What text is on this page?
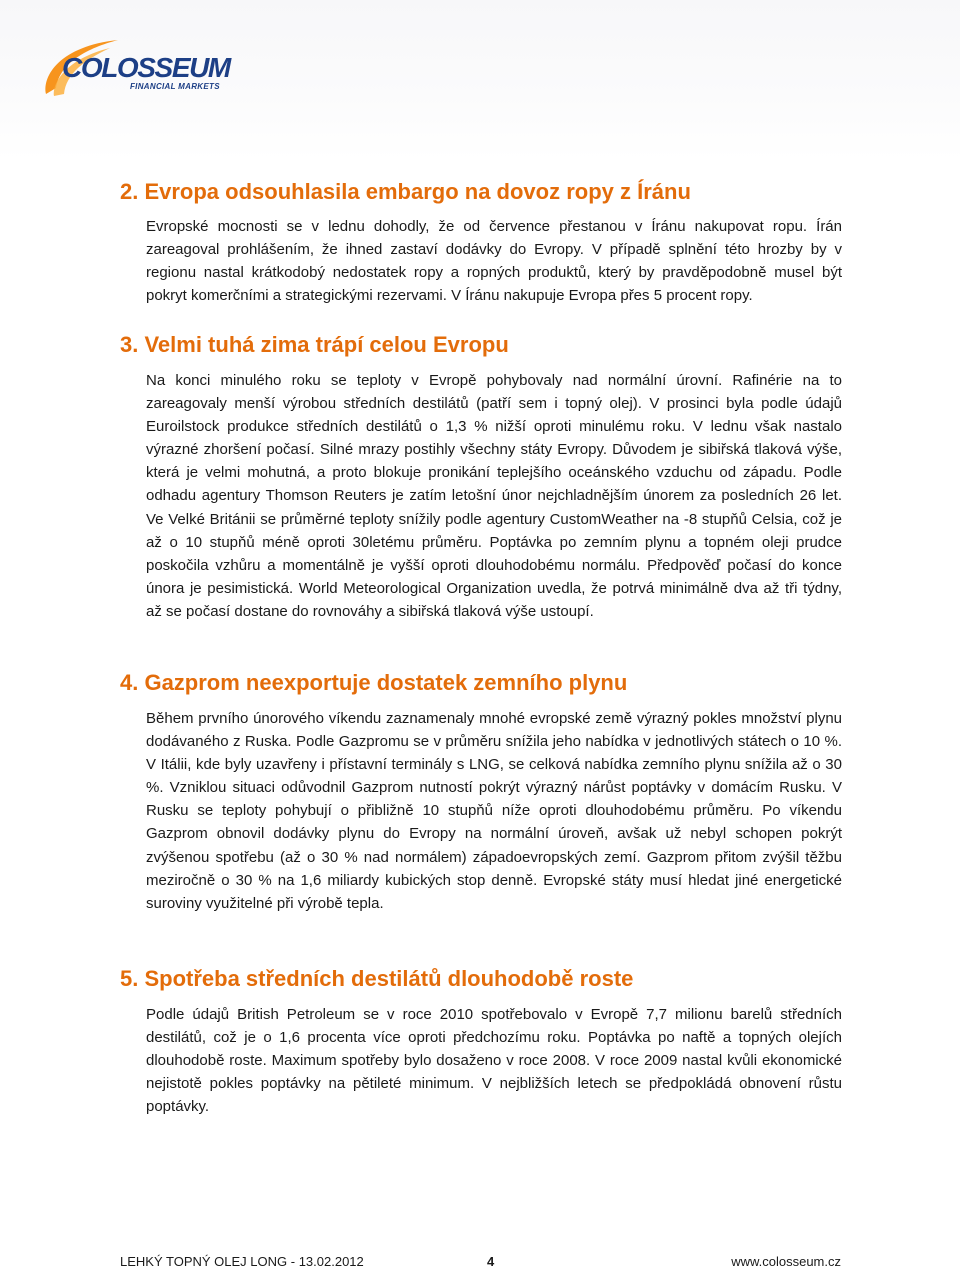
COLOSSEUM
FINANCIAL MARKETS
2. Evropa odsouhlasila embargo na dovoz ropy z Íránu

Evropské mocnosti se v lednu dohodly, že od července přestanou v Íránu nakupovat ropu. Írán zareagoval prohlášením, že ihned zastaví dodávky do Evropy. V případě splnění této hrozby by v regionu nastal krátkodobý nedostatek ropy a ropných produktů, který by pravděpodobně musel být pokryt komerčními a strategickými rezervami. V Íránu nakupuje Evropa přes 5 procent ropy.

3. Velmi tuhá zima trápí celou Evropu

Na konci minulého roku se teploty v Evropě pohybovaly nad normální úrovní. Rafinérie na to zareagovaly menší výrobou středních destilátů (patří sem i topný olej). V prosinci byla podle údajů Euroilstock produkce středních destilátů o 1,3 % nižší oproti minulému roku. V lednu však nastalo výrazné zhoršení počasí. Silné mrazy postihly všechny státy Evropy. Důvodem je sibiřská tlaková výše, která je velmi mohutná, a proto blokuje pronikání teplejšího oceánského vzduchu od západu. Podle odhadu agentury Thomson Reuters je zatím letošní únor nejchladnějším únorem za posledních 26 let. Ve Velké Británii se průměrné teploty snížily podle agentury CustomWeather na -8 stupňů Celsia, což je až o 10 stupňů méně oproti 30letému průměru. Poptávka po zemním plynu a topném oleji prudce poskočila vzhůru a momentálně je vyšší oproti dlouhodobému normálu. Předpověď počasí do konce února je pesimistická. World Meteorological Organization uvedla, že potrvá minimálně dva až tři týdny, až se počasí dostane do rovnováhy a sibiřská tlaková výše ustoupí.

4. Gazprom neexportuje dostatek zemního plynu

Během prvního únorového víkendu zaznamenaly mnohé evropské země výrazný pokles množství plynu dodávaného z Ruska. Podle Gazpromu se v průměru snížila jeho nabídka v jednotlivých státech o 10 %. V Itálii, kde byly uzavřeny i přístavní terminály s LNG, se celková nabídka zemního plynu snížila až o 30 %. Vzniklou situaci odůvodnil Gazprom nutností pokrýt výrazný nárůst poptávky v domácím Rusku. V Rusku se teploty pohybují o přibližně 10 stupňů níže oproti dlouhodobému průměru. Po víkendu Gazprom obnovil dodávky plynu do Evropy na normální úroveň, avšak už nebyl schopen pokrýt zvýšenou spotřebu (až o 30 % nad normálem) západoevropských zemí. Gazprom přitom zvýšil těžbu meziročně o 30 % na 1,6 miliardy kubických stop denně. Evropské státy musí hledat jiné energetické suroviny využitelné při výrobě tepla.

5. Spotřeba středních destilátů dlouhodobě roste

Podle údajů British Petroleum se v roce 2010 spotřebovalo v Evropě 7,7 milionu barelů středních destilátů, což je o 1,6 procenta více oproti předchozímu roku. Poptávka po naftě a topných olejích dlouhodobě roste. Maximum spotřeby bylo dosaženo v roce 2008. V roce 2009 nastal kvůli ekonomické nejistotě pokles poptávky na pětileté minimum. V nejbližších letech se předpokládá obnovení růstu poptávky.

LEHKÝ TOPNÝ OLEJ LONG - 13.02.2012	4	www.colosseum.cz
